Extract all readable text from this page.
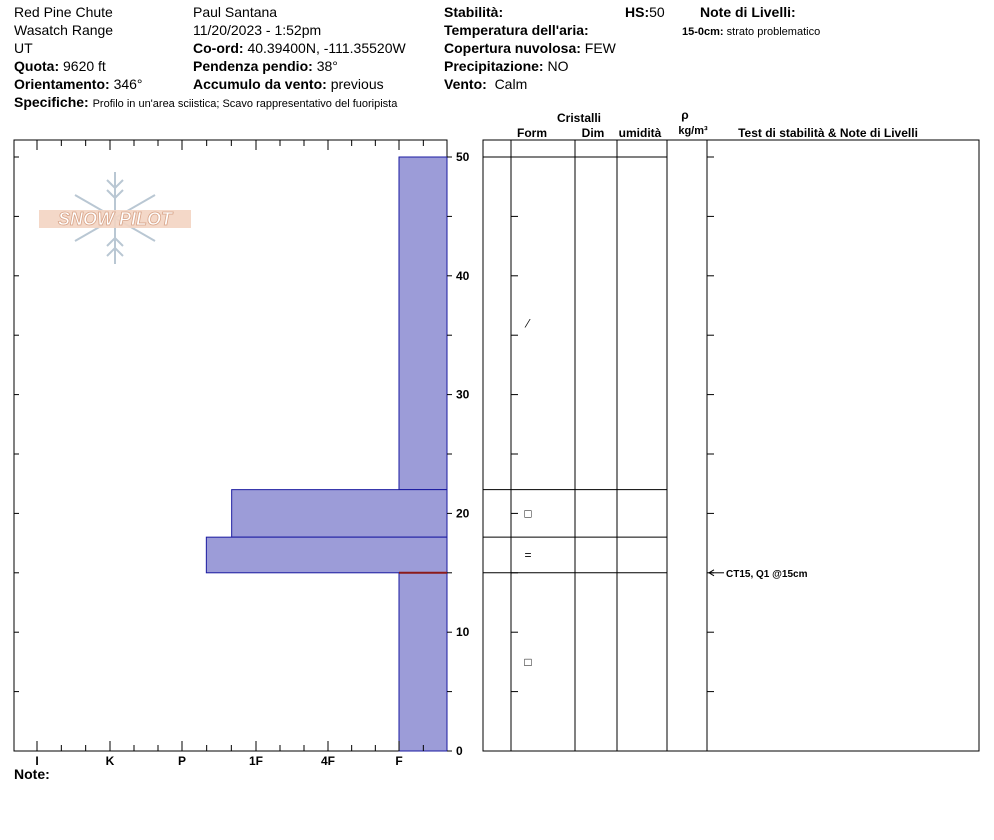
Red Pine Chute
Wasatch Range
UT
Quota: 9620 ft
Orientamento: 346°
Specifiche: Profilo in un'area sciistica; Scavo rappresentativo del fuoripista
Paul Santana
11/20/2023 - 1:52pm
Co-ord: 40.39400N, -111.35520W
Pendenza pendio: 38°
Accumulo da vento: previous
Stabilità:	HS:50
Temperatura dell'aria:
Copertura nuvolosa: FEW
Precipitazione: NO
Vento: Calm
Note di Livelli:
15-0cm: strato problematico
Note:
SNOW PILOT
0
10
20
30
40
50
I	K	P	1F	4F	F
⁄
□
=
□
CT15, Q1 @15cm
Cristalli
Form	Dim umidità
ρ
kg/m³	Test di stabilità & Note di Livelli
